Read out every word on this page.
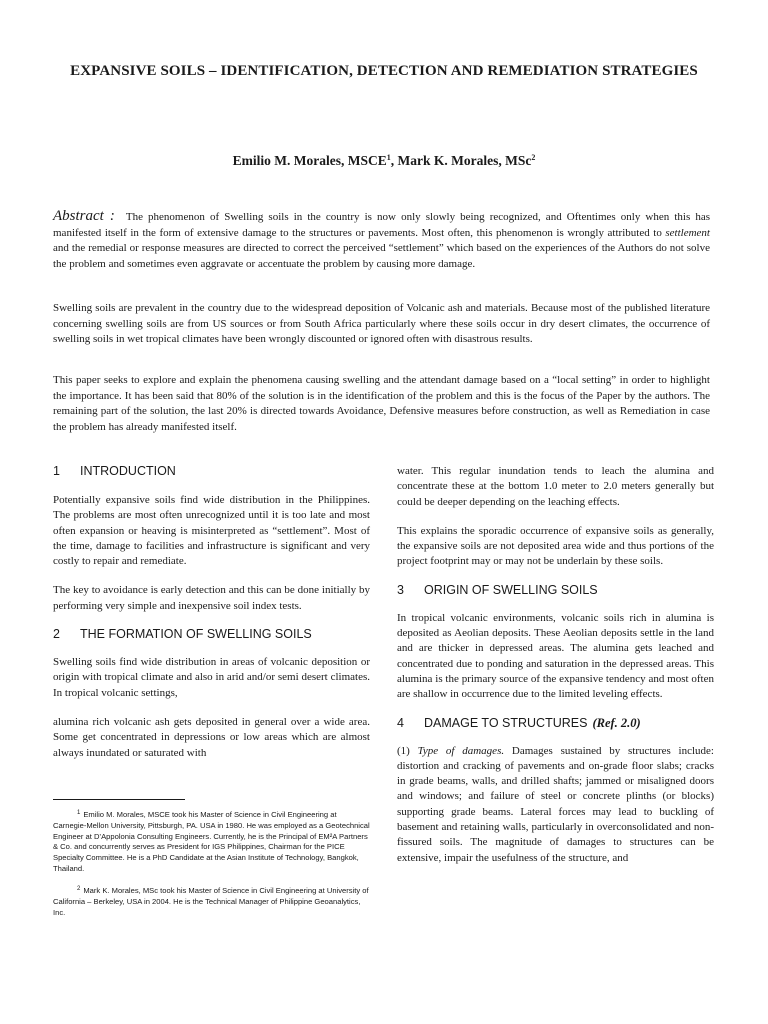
EXPANSIVE SOILS – IDENTIFICATION, DETECTION AND REMEDIATION STRATEGIES
Emilio M. Morales, MSCE$^1$, Mark K. Morales, MSc$^2$
Abstract : The phenomenon of Swelling soils in the country is now only slowly being recognized, and Oftentimes only when this has manifested itself in the form of extensive damage to the structures or pavements. Most often, this phenomenon is wrongly attributed to settlement and the remedial or response measures are directed to correct the perceived “settlement” which based on the experiences of the Authors do not solve the problem and sometimes even aggravate or accentuate the problem by causing more damage.

Swelling soils are prevalent in the country due to the widespread deposition of Volcanic ash and materials. Because most of the published literature concerning swelling soils are from US sources or from South Africa particularly where these soils occur in dry desert climates, the occurrence of swelling soils in wet tropical climates have been wrongly discounted or ignored often with disastrous results.

This paper seeks to explore and explain the phenomena causing swelling and the attendant damage based on a “local setting” in order to highlight the importance. It has been said that 80% of the solution is in the identification of the problem and this is the focus of the Paper by the authors. The remaining part of the solution, the last 20% is directed towards Avoidance, Defensive measures before construction, as well as Remediation in case the problem has already manifested itself.

1	INTRODUCTION

Potentially expansive soils find wide distribution in the Philippines. The problems are most often unrecognized until it is too late and most often expansion or heaving is misinterpreted as “settlement”. Most of the time, damage to facilities and infrastructure is significant and very costly to repair and remediate.

The key to avoidance is early detection and this can be done initially by performing very simple and inexpensive soil index tests.

2	THE FORMATION OF SWELLING SOILS

Swelling soils find wide distribution in areas of volcanic deposition or origin with tropical climate and also in arid and/or semi desert climates. In tropical volcanic settings,

alumina rich volcanic ash gets deposited in general over a wide area. Some get concentrated in depressions or low areas which are almost always inundated or saturated with

$^1$ Emilio M. Morales, MSCE took his Master of Science in Civil Engineering at Carnegie-Mellon University, Pittsburgh, PA. USA in 1980. He was employed as a Geotechnical Engineer at D’Appolonia Consulting Engineers. Currently, he is the Principal of EM²A Partners & Co. and concurrently serves as President for IGS Philippines, Chairman for the PICE Specialty Committee. He is a PhD Candidate at the Asian Institute of Technology, Bangkok, Thailand.

$^2$ Mark K. Morales, MSc took his Master of Science in Civil Engineering at University of California – Berkeley, USA in 2004. He is the Technical Manager of Philippine Geoanalytics, Inc.

water. This regular inundation tends to leach the alumina and concentrate these at the bottom 1.0 meter to 2.0 meters generally but could be deeper depending on the leaching effects.

This explains the sporadic occurrence of expansive soils as generally, the expansive soils are not deposited area wide and thus portions of the project footprint may or may not be underlain by these soils.

3	ORIGIN OF SWELLING SOILS

In tropical volcanic environments, volcanic soils rich in alumina is deposited as Aeolian deposits. These Aeolian deposits settle in the land and are thicker in depressed areas. The alumina gets leached and concentrated due to ponding and saturation in the depressed areas. This alumina is the primary source of the expansive tendency and most often are shallow in occurrence due to the limited leveling effects.

4	DAMAGE TO STRUCTURES (Ref. 2.0)

(1) Type of damages. Damages sustained by structures include: distortion and cracking of pavements and on-grade floor slabs; cracks in grade beams, walls, and drilled shafts; jammed or misaligned doors and windows; and failure of steel or concrete plinths (or blocks) supporting grade beams. Lateral forces may lead to buckling of basement and retaining walls, particularly in overconsolidated and non-fissured soils. The magnitude of damages to structures can be extensive, impair the usefulness of the structure, and
